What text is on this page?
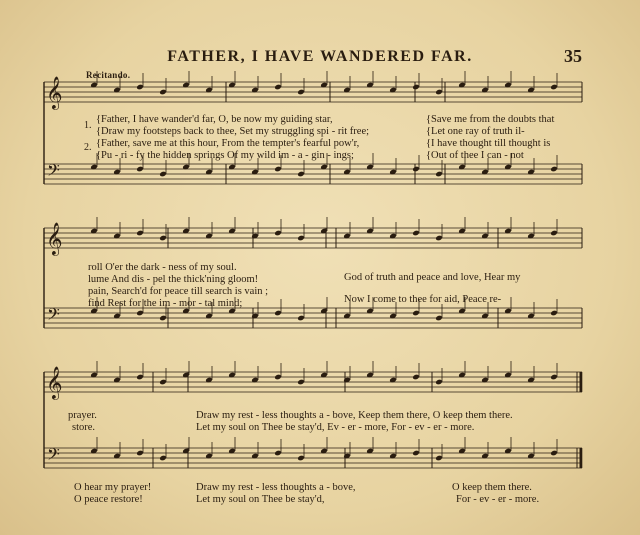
FATHER, I HAVE WANDERED FAR.	35
Recitando.
𝄞
𝄢
𝄞
𝄢
𝄞
𝄢
1.
2.
{Father, I have wander'd far, O, be now my guiding star,	{Save me from the doubts that
{Draw my footsteps back to thee, Set my struggling spi - rit free;	{Let one ray of truth il-
{Father, save me at this hour, From the tempter's fearful pow'r,	{I have thought till thought is
{Pu - ri - fy the hidden springs Of my wild im - a - gin - ings;	{Out of thee I can - not
roll O'er the dark - ness of my soul.
God of truth and peace and love, Hear my
lume And dis - pel the thick'ning gloom!
pain, Search'd for peace till search is vain ;
find Rest for the im - mor - tal mind;	Now I come to thee for aid, Peace re-
prayer.	Draw my rest - less thoughts a - bove, Keep them there, O keep them there.
store.	Let my soul on Thee be stay'd, Ev - er - more, For - ev - er - more.
O hear my prayer!	Draw my rest - less thoughts a - bove,	O keep them there.
O peace restore!	Let my soul on Thee be stay'd,	For - ev - er - more.
